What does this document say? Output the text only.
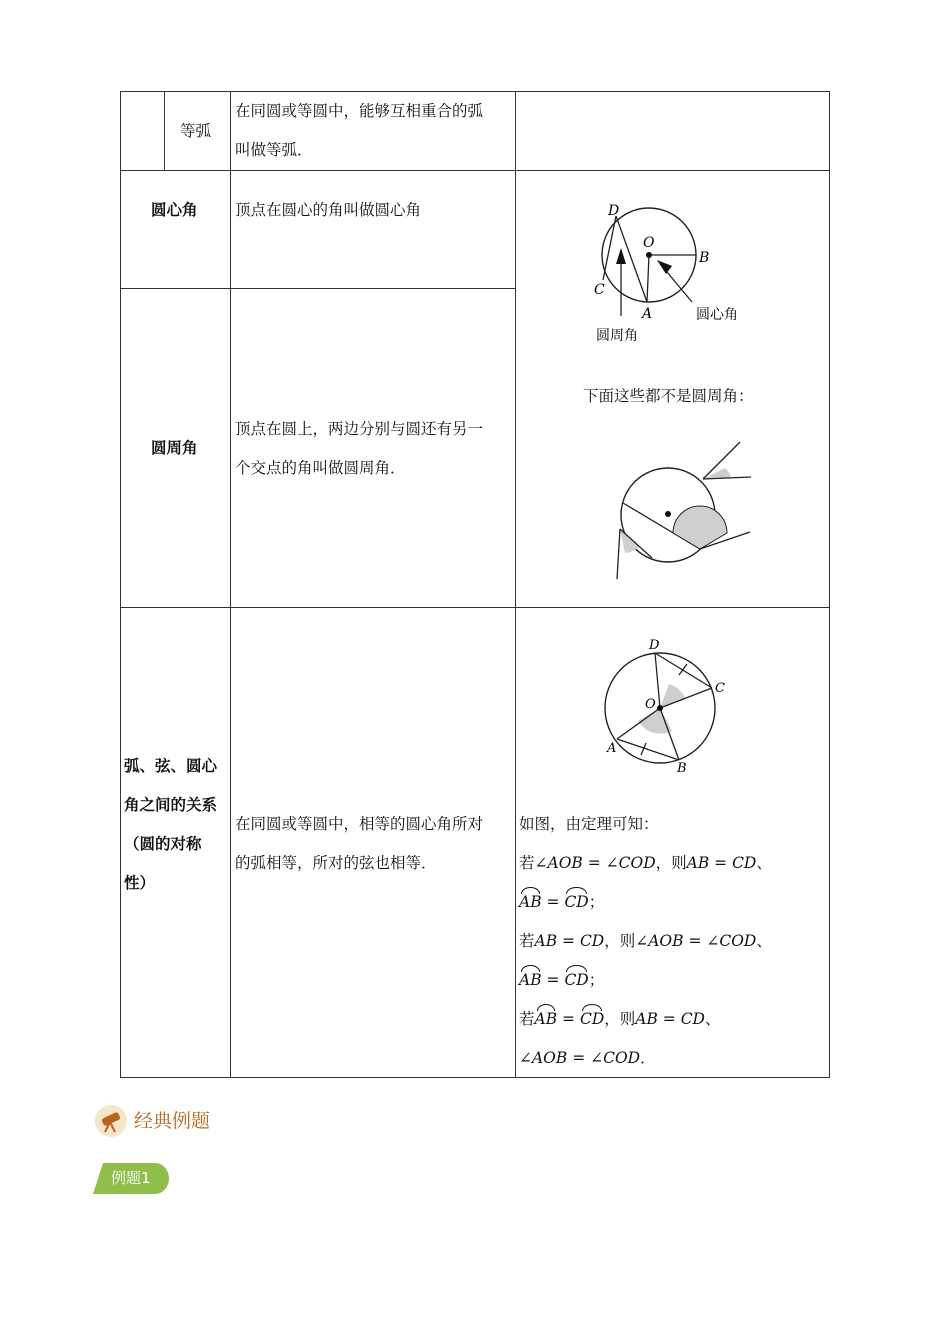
等弧
在同圆或等圆中，能够互相重合的弧
叫做等弧．
圆心角 顶点在圆心的角叫做圆心角
圆周角
顶点在圆上，两边分别与圆还有另一
个交点的角叫做圆周角．
D
O
B
C
A	圆心角
圆周角
下面这些都不是圆周角：
弧、弦、圆心
角之间的关系
（圆的对称
性）
在同圆或等圆中，相等的圆心角所对
的弧相等，所对的弦也相等．
D
C
O
A
B
如图，由定理可知：
若∠AOB = ∠COD，则AB = CD、
AB = CD；
若AB = CD，则∠AOB = ∠COD、
AB = CD；
若AB = CD，则AB = CD、
∠AOB = ∠COD．
经典例题
例题1
